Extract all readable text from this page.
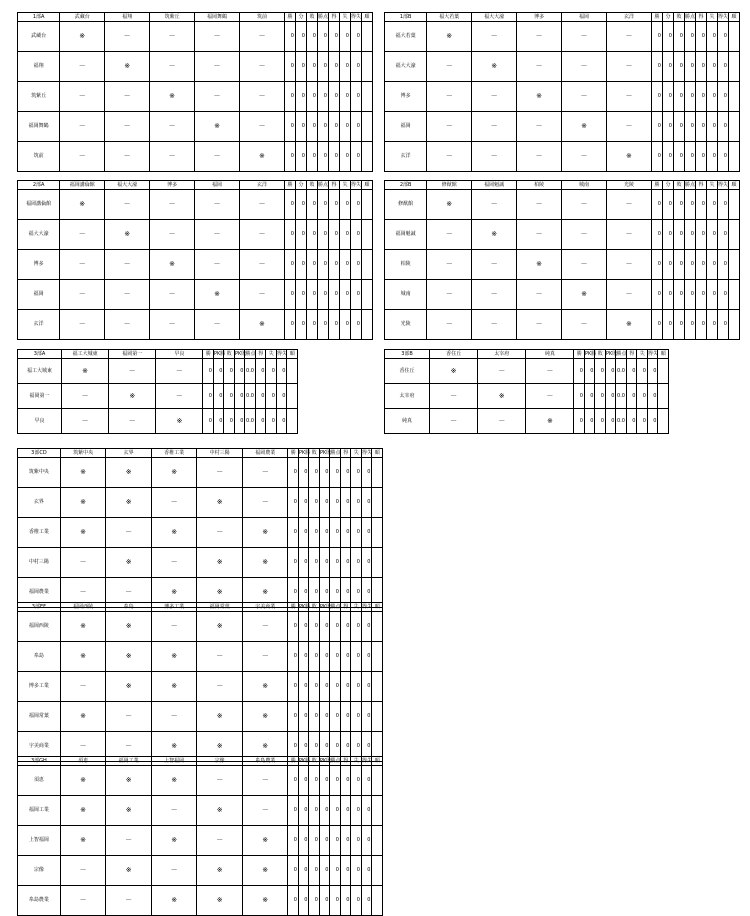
1部A	武蔵台	福翔	筑紫丘	福岡舞鶴	筑前	勝	分	敗	勝点	得	失	得失	順
武蔵台	※	－	－	－	－	0	0	0	0	0	0	0	
福翔	－	※	－	－	－	0	0	0	0	0	0	0	
筑紫丘	－	－	※	－	－	0	0	0	0	0	0	0	
福岡舞鶴	－	－	－	※	－	0	0	0	0	0	0	0	
筑前	－	－	－	－	※	0	0	0	0	0	0	0	
1部B	福大若葉	福大大濠	博多	福岡	玄洋	勝	分	敗	勝点	得	失	得失	順
福大若葉	※	－	－	－	－	0	0	0	0	0	0	0	
福大大濠	－	※	－	－	－	0	0	0	0	0	0	0	
博多	－	－	※	－	－	0	0	0	0	0	0	0	
福岡	－	－	－	※	－	0	0	0	0	0	0	0	
玄洋	－	－	－	－	※	0	0	0	0	0	0	0	
2部A	福岡講倫館	福大大濠	博多	福岡	玄洋	勝	分	敗	勝点	得	失	得失	順
福岡講倫館	※	－	－	－	－	0	0	0	0	0	0	0	
福大大濠	－	※	－	－	－	0	0	0	0	0	0	0	
博多	－	－	※	－	－	0	0	0	0	0	0	0	
福岡	－	－	－	※	－	0	0	0	0	0	0	0	
玄洋	－	－	－	－	※	0	0	0	0	0	0	0	
2部B	修猷館	福岡魁誠	柏陵	城南	光陵	勝	分	敗	勝点	得	失	得失	順
修猷館	※	－	－	－	－	0	0	0	0	0	0	0	
福岡魁誠	－	※	－	－	－	0	0	0	0	0	0	0	
柏陵	－	－	※	－	－	0	0	0	0	0	0	0	
城南	－	－	－	※	－	0	0	0	0	0	0	0	
光陵	－	－	－	－	※	0	0	0	0	0	0	0	
3部A	福工大城東	福岡第一	早良	勝	PK勝	敗	PK敗	勝点	得	失	得失	順
福工大城東	※	－	－	0	0	0	0	0.0	0	0	0	
福岡第一	－	※	－	0	0	0	0	0.0	0	0	0	
早良	－	－	※	0	0	0	0	0.0	0	0	0	
3部B	香住丘	太宰府	純真	勝	PK勝	敗	PK敗	勝点	得	失	得失	順
香住丘	※	－	－	0	0	0	0	0.0	0	0	0	
太宰府	－	※	－	0	0	0	0	0.0	0	0	0	
純真	－	－	※	0	0	0	0	0.0	0	0	0	
3部CD	筑紫中央	玄界	香椎工業	中村三陽	福岡農業	勝	PK勝	敗	PK敗	勝点	得	失	得失	順
筑紫中央	※	※	※	－	－	0	0	0	0	0	0	0	0	
玄界	※	※	－	※	－	0	0	0	0	0	0	0	0	
香椎工業	※	－	※	－	※	0	0	0	0	0	0	0	0	
中村三陽	－	※	－	※	※	0	0	0	0	0	0	0	0	
福岡農業	－	－	※	※	※	0	0	0	0	0	0	0	0	
3部EF	福岡西陵	糸島	博多工業	福岡常葉	宇美商業	勝	PK勝	敗	PK敗	勝点	得	失	得失	順
福岡西陵	※	※	－	※	－	0	0	0	0	0	0	0	0	
糸島	※	※	※	－	－	0	0	0	0	0	0	0	0	
博多工業	－	※	※	－	※	0	0	0	0	0	0	0	0	
福岡常葉	※	－	－	※	※	0	0	0	0	0	0	0	0	
宇美商業	－	－	※	※	※	0	0	0	0	0	0	0	0	
3部GH	須恵	福岡工業	上智福岡	宗像	糸島農業	勝	PK勝	敗	PK敗	勝点	得	失	得失	順
須恵	※	※	※	－	－	0	0	0	0	0	0	0	0	
福岡工業	※	※	－	※	－	0	0	0	0	0	0	0	0	
上智福岡	※	－	※	－	※	0	0	0	0	0	0	0	0	
宗像	－	※	－	※	※	0	0	0	0	0	0	0	0	
糸島農業	－	－	※	※	※	0	0	0	0	0	0	0	0	
